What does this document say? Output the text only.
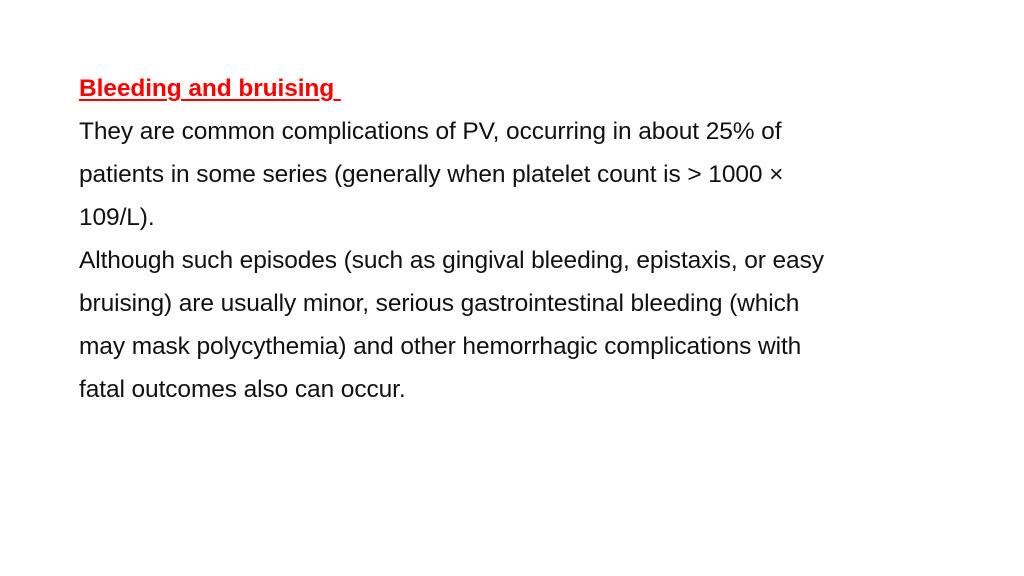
Bleeding and bruising
They are common complications of PV, occurring in about 25% of
patients in some series (generally when platelet count is > 1000 ×
109/L).
Although such episodes (such as gingival bleeding, epistaxis, or easy
bruising) are usually minor, serious gastrointestinal bleeding (which
may mask polycythemia) and other hemorrhagic complications with
fatal outcomes also can occur.
